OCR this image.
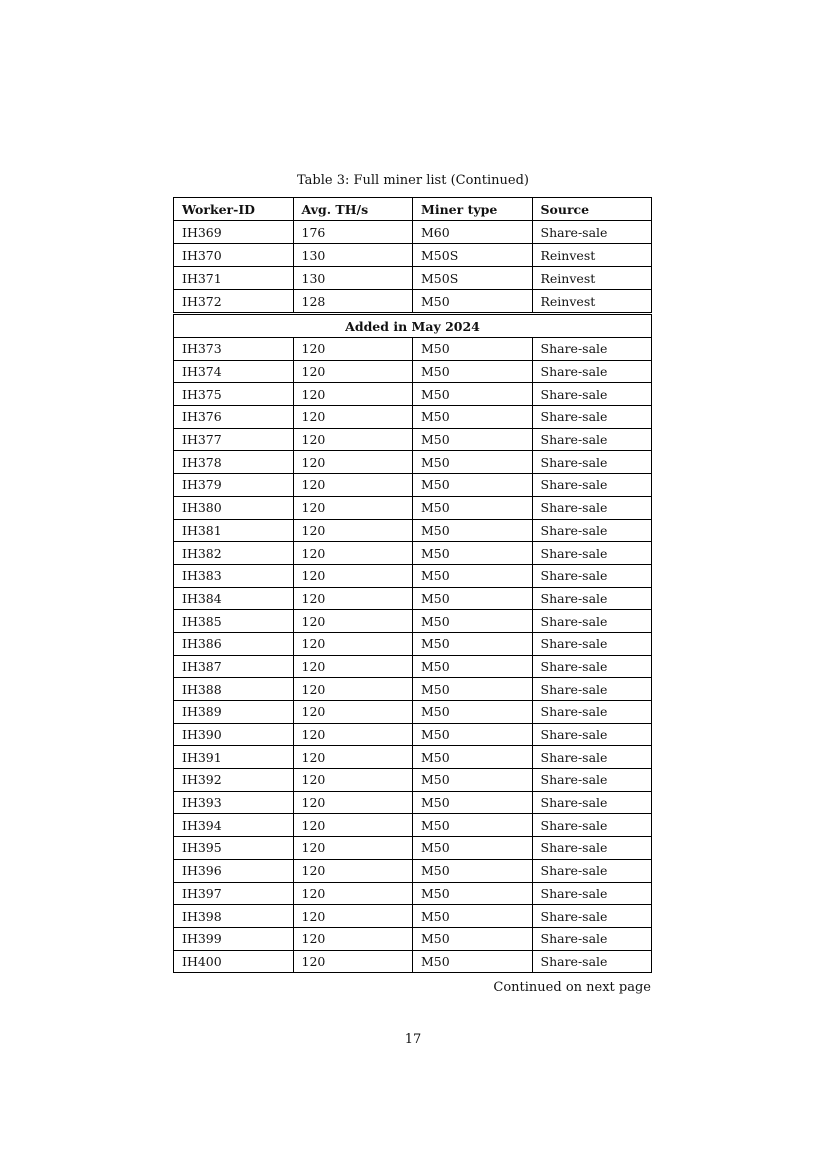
Table 3: Full miner list (Continued)
Worker-ID	Avg. TH/s	Miner type	Source
IH369	176	M60	Share-sale
IH370	130	M50S	Reinvest
IH371	130	M50S	Reinvest
IH372	128	M50	Reinvest
Added in May 2024			
IH373	120	M50	Share-sale
IH374	120	M50	Share-sale
IH375	120	M50	Share-sale
IH376	120	M50	Share-sale
IH377	120	M50	Share-sale
IH378	120	M50	Share-sale
IH379	120	M50	Share-sale
IH380	120	M50	Share-sale
IH381	120	M50	Share-sale
IH382	120	M50	Share-sale
IH383	120	M50	Share-sale
IH384	120	M50	Share-sale
IH385	120	M50	Share-sale
IH386	120	M50	Share-sale
IH387	120	M50	Share-sale
IH388	120	M50	Share-sale
IH389	120	M50	Share-sale
IH390	120	M50	Share-sale
IH391	120	M50	Share-sale
IH392	120	M50	Share-sale
IH393	120	M50	Share-sale
IH394	120	M50	Share-sale
IH395	120	M50	Share-sale
IH396	120	M50	Share-sale
IH397	120	M50	Share-sale
IH398	120	M50	Share-sale
IH399	120	M50	Share-sale
IH400	120	M50	Share-sale
Continued on next page
17
